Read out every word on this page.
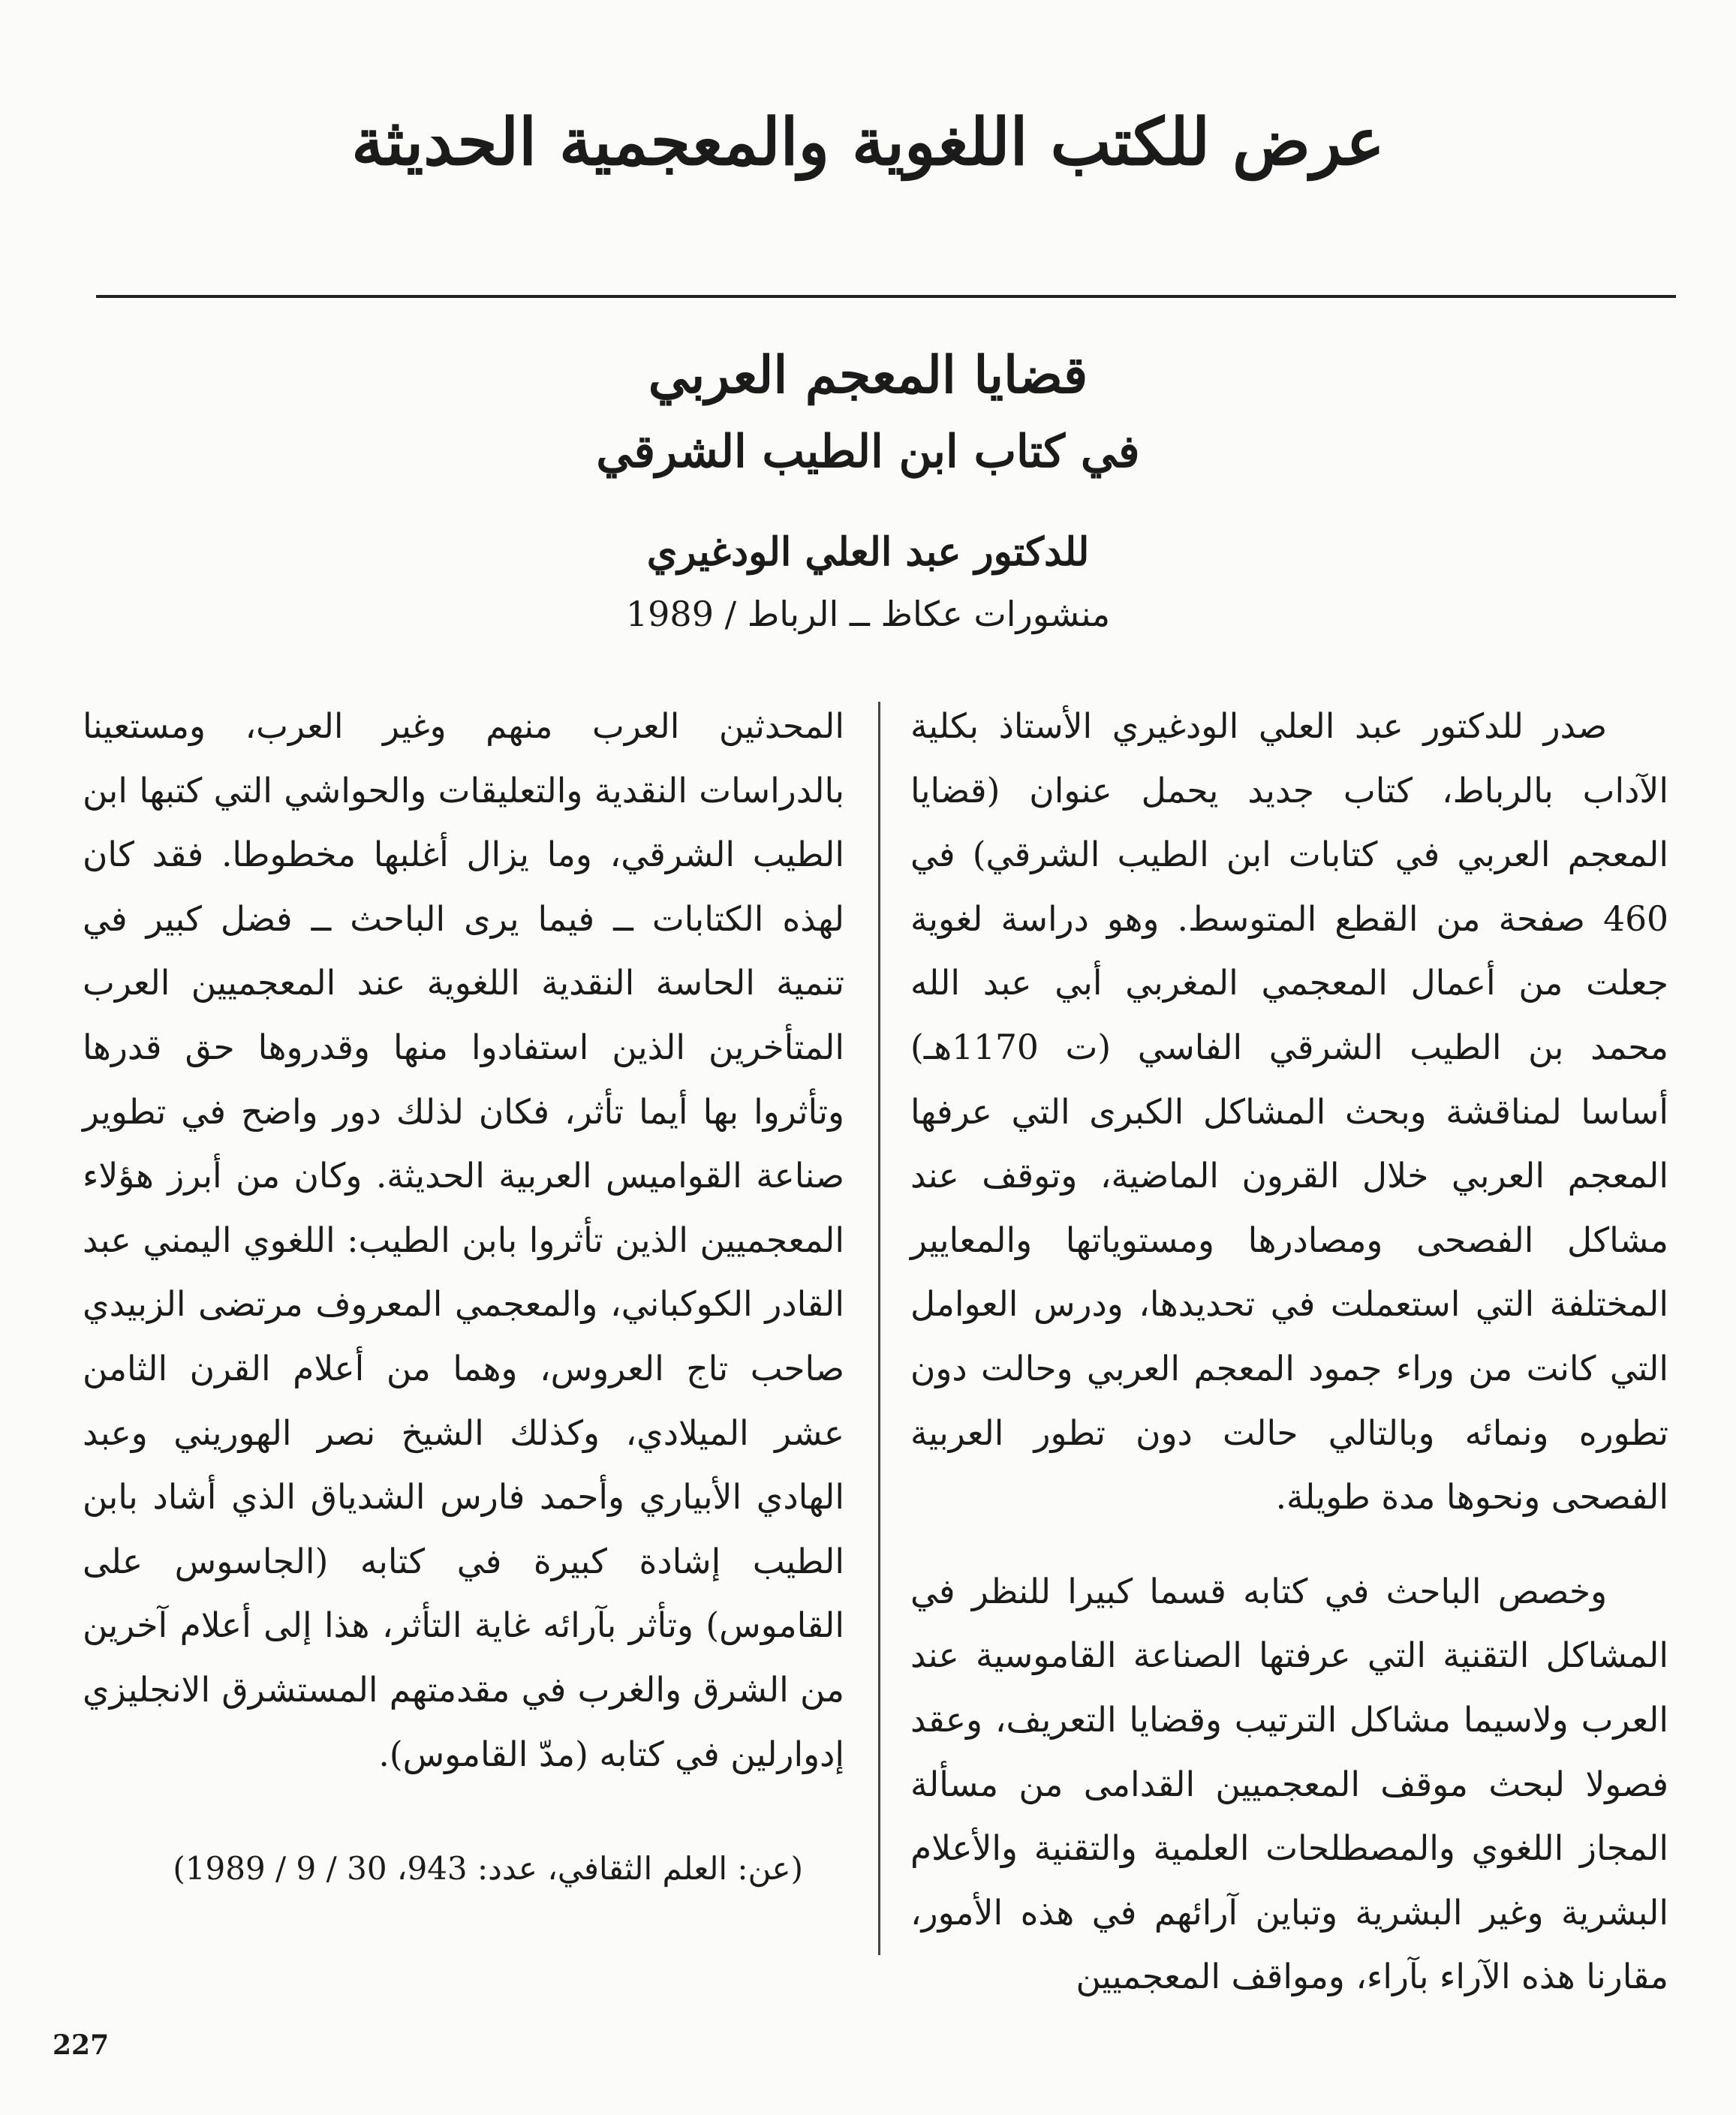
عرض للكتب اللغوية والمعجمية الحديثة
قضايا المعجم العربي
في كتاب ابن الطيب الشرقي
للدكتور عبد العلي الودغيري
منشورات عكاظ ــ الرباط / 1989

صدر للدكتور عبد العلي الودغيري الأستاذ بكلية الآداب بالرباط، كتاب جديد يحمل عنوان (قضايا المعجم العربي في كتابات ابن الطيب الشرقي) في 460 صفحة من القطع المتوسط. وهو دراسة لغوية جعلت من أعمال المعجمي المغربي أبي عبد الله محمد بن الطيب الشرقي الفاسي (ت 1170هـ) أساسا لمناقشة وبحث المشاكل الكبرى التي عرفها المعجم العربي خلال القرون الماضية، وتوقف عند مشاكل الفصحى ومصادرها ومستوياتها والمعايير المختلفة التي استعملت في تحديدها، ودرس العوامل التي كانت من وراء جمود المعجم العربي وحالت دون تطوره ونمائه وبالتالي حالت دون تطور العربية الفصحى ونحوها مدة طويلة.

وخصص الباحث في كتابه قسما كبيرا للنظر في المشاكل التقنية التي عرفتها الصناعة القاموسية عند العرب ولاسيما مشاكل الترتيب وقضايا التعريف، وعقد فصولا لبحث موقف المعجميين القدامى من مسألة المجاز اللغوي والمصطلحات العلمية والتقنية والأعلام البشرية وغير البشرية وتباين آرائهم في هذه الأمور، مقارنا هذه الآراء بآراء، ومواقف المعجميين

المحدثين العرب منهم وغير العرب، ومستعينا بالدراسات النقدية والتعليقات والحواشي التي كتبها ابن الطيب الشرقي، وما يزال أغلبها مخطوطا. فقد كان لهذه الكتابات ــ فيما يرى الباحث ــ فضل كبير في تنمية الحاسة النقدية اللغوية عند المعجميين العرب المتأخرين الذين استفادوا منها وقدروها حق قدرها وتأثروا بها أيما تأثر، فكان لذلك دور واضح في تطوير صناعة القواميس العربية الحديثة. وكان من أبرز هؤلاء المعجميين الذين تأثروا بابن الطيب: اللغوي اليمني عبد القادر الكوكباني، والمعجمي المعروف مرتضى الزبيدي صاحب تاج العروس، وهما من أعلام القرن الثامن عشر الميلادي، وكذلك الشيخ نصر الهوريني وعبد الهادي الأبياري وأحمد فارس الشدياق الذي أشاد بابن الطيب إشادة كبيرة في كتابه (الجاسوس على القاموس) وتأثر بآرائه غاية التأثر، هذا إلى أعلام آخرين من الشرق والغرب في مقدمتهم المستشرق الانجليزي إدوارلين في كتابه (مدّ القاموس).

(عن: العلم الثقافي، عدد: 943، 30 / 9 / 1989)
227
